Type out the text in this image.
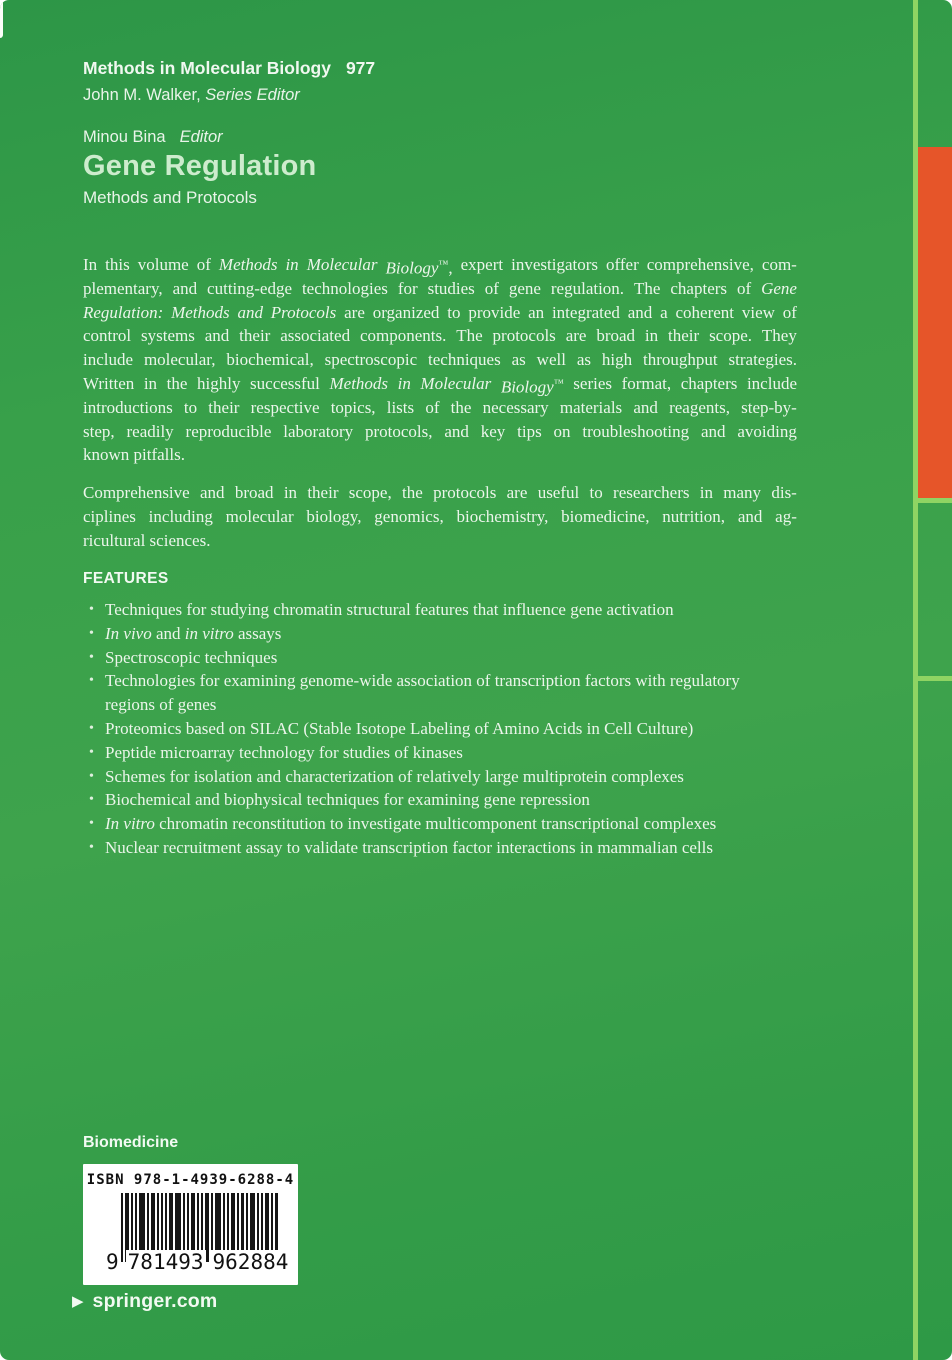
Methods in Molecular Biology 977
John M. Walker, Series Editor
Minou Bina Editor
Gene Regulation
Methods and Protocols
In this volume of Methods in Molecular Biology™, expert investigators offer comprehensive, com-
plementary, and cutting-edge technologies for studies of gene regulation. The chapters of Gene
Regulation: Methods and Protocols are organized to provide an integrated and a coherent view of
control systems and their associated components. The protocols are broad in their scope. They
include molecular, biochemical, spectroscopic techniques as well as high throughput strategies.
Written in the highly successful Methods in Molecular Biology™ series format, chapters include
introductions to their respective topics, lists of the necessary materials and reagents, step-by-
step, readily reproducible laboratory protocols, and key tips on troubleshooting and avoiding
known pitfalls.
Comprehensive and broad in their scope, the protocols are useful to researchers in many dis-
ciplines including molecular biology, genomics, biochemistry, biomedicine, nutrition, and ag-
ricultural sciences.
FEATURES
• Techniques for studying chromatin structural features that influence gene activation
• In vivo and in vitro assays
• Spectroscopic techniques
• Technologies for examining genome-wide association of transcription factors with regulatory regions of genes
• Proteomics based on SILAC (Stable Isotope Labeling of Amino Acids in Cell Culture)
• Peptide microarray technology for studies of kinases
• Schemes for isolation and characterization of relatively large multiprotein complexes
• Biochemical and biophysical techniques for examining gene repression
• In vitro chromatin reconstitution to investigate multicomponent transcriptional complexes
• Nuclear recruitment assay to validate transcription factor interactions in mammalian cells
Biomedicine
ISBN 978-1-4939-6288-4
9 781493 962884
▶ springer.com
